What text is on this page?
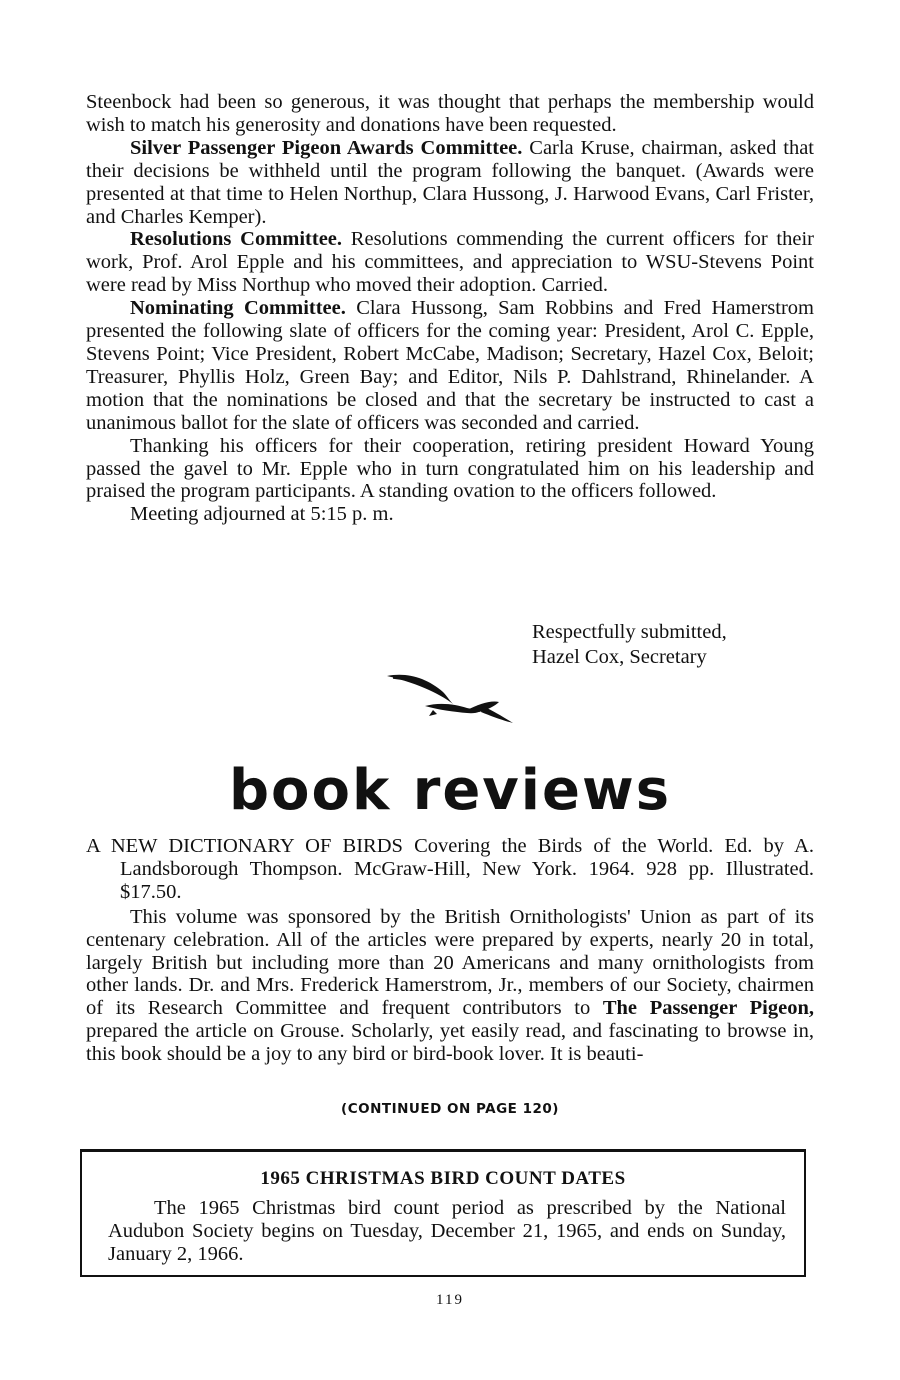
Steenbock had been so generous, it was thought that perhaps the membership would wish to match his generosity and donations have been requested.

Silver Passenger Pigeon Awards Committee. Carla Kruse, chairman, asked that their decisions be withheld until the program following the banquet. (Awards were presented at that time to Helen Northup, Clara Hussong, J. Harwood Evans, Carl Frister, and Charles Kemper).

Resolutions Committee. Resolutions commending the current officers for their work, Prof. Arol Epple and his committees, and appreciation to WSU-Stevens Point were read by Miss Northup who moved their adoption. Carried.

Nominating Committee. Clara Hussong, Sam Robbins and Fred Hamerstrom presented the following slate of officers for the coming year: President, Arol C. Epple, Stevens Point; Vice President, Robert McCabe, Madison; Secretary, Hazel Cox, Beloit; Treasurer, Phyllis Holz, Green Bay; and Editor, Nils P. Dahlstrand, Rhinelander. A motion that the nominations be closed and that the secretary be instructed to cast a unanimous ballot for the slate of officers was seconded and carried.

Thanking his officers for their cooperation, retiring president Howard Young passed the gavel to Mr. Epple who in turn congratulated him on his leadership and praised the program participants. A standing ovation to the officers followed.

Meeting adjourned at 5:15 p. m.

Respectfully submitted,
Hazel Cox, Secretary
book reviews

A NEW DICTIONARY OF BIRDS Covering the Birds of the World. Ed. by A. Landsborough Thompson. McGraw-Hill, New York. 1964. 928 pp. Illustrated. $17.50.

This volume was sponsored by the British Ornithologists' Union as part of its centenary celebration. All of the articles were prepared by experts, nearly 20 in total, largely British but including more than 20 Americans and many ornithologists from other lands. Dr. and Mrs. Frederick Hamerstrom, Jr., members of our Society, chairmen of its Research Committee and frequent contributors to The Passenger Pigeon, prepared the article on Grouse. Scholarly, yet easily read, and fascinating to browse in, this book should be a joy to any bird or bird-book lover. It is beauti-

(CONTINUED ON PAGE 120)
1965 CHRISTMAS BIRD COUNT DATES

The 1965 Christmas bird count period as prescribed by the National Audubon Society begins on Tuesday, December 21, 1965, and ends on Sunday, January 2, 1966.

119
